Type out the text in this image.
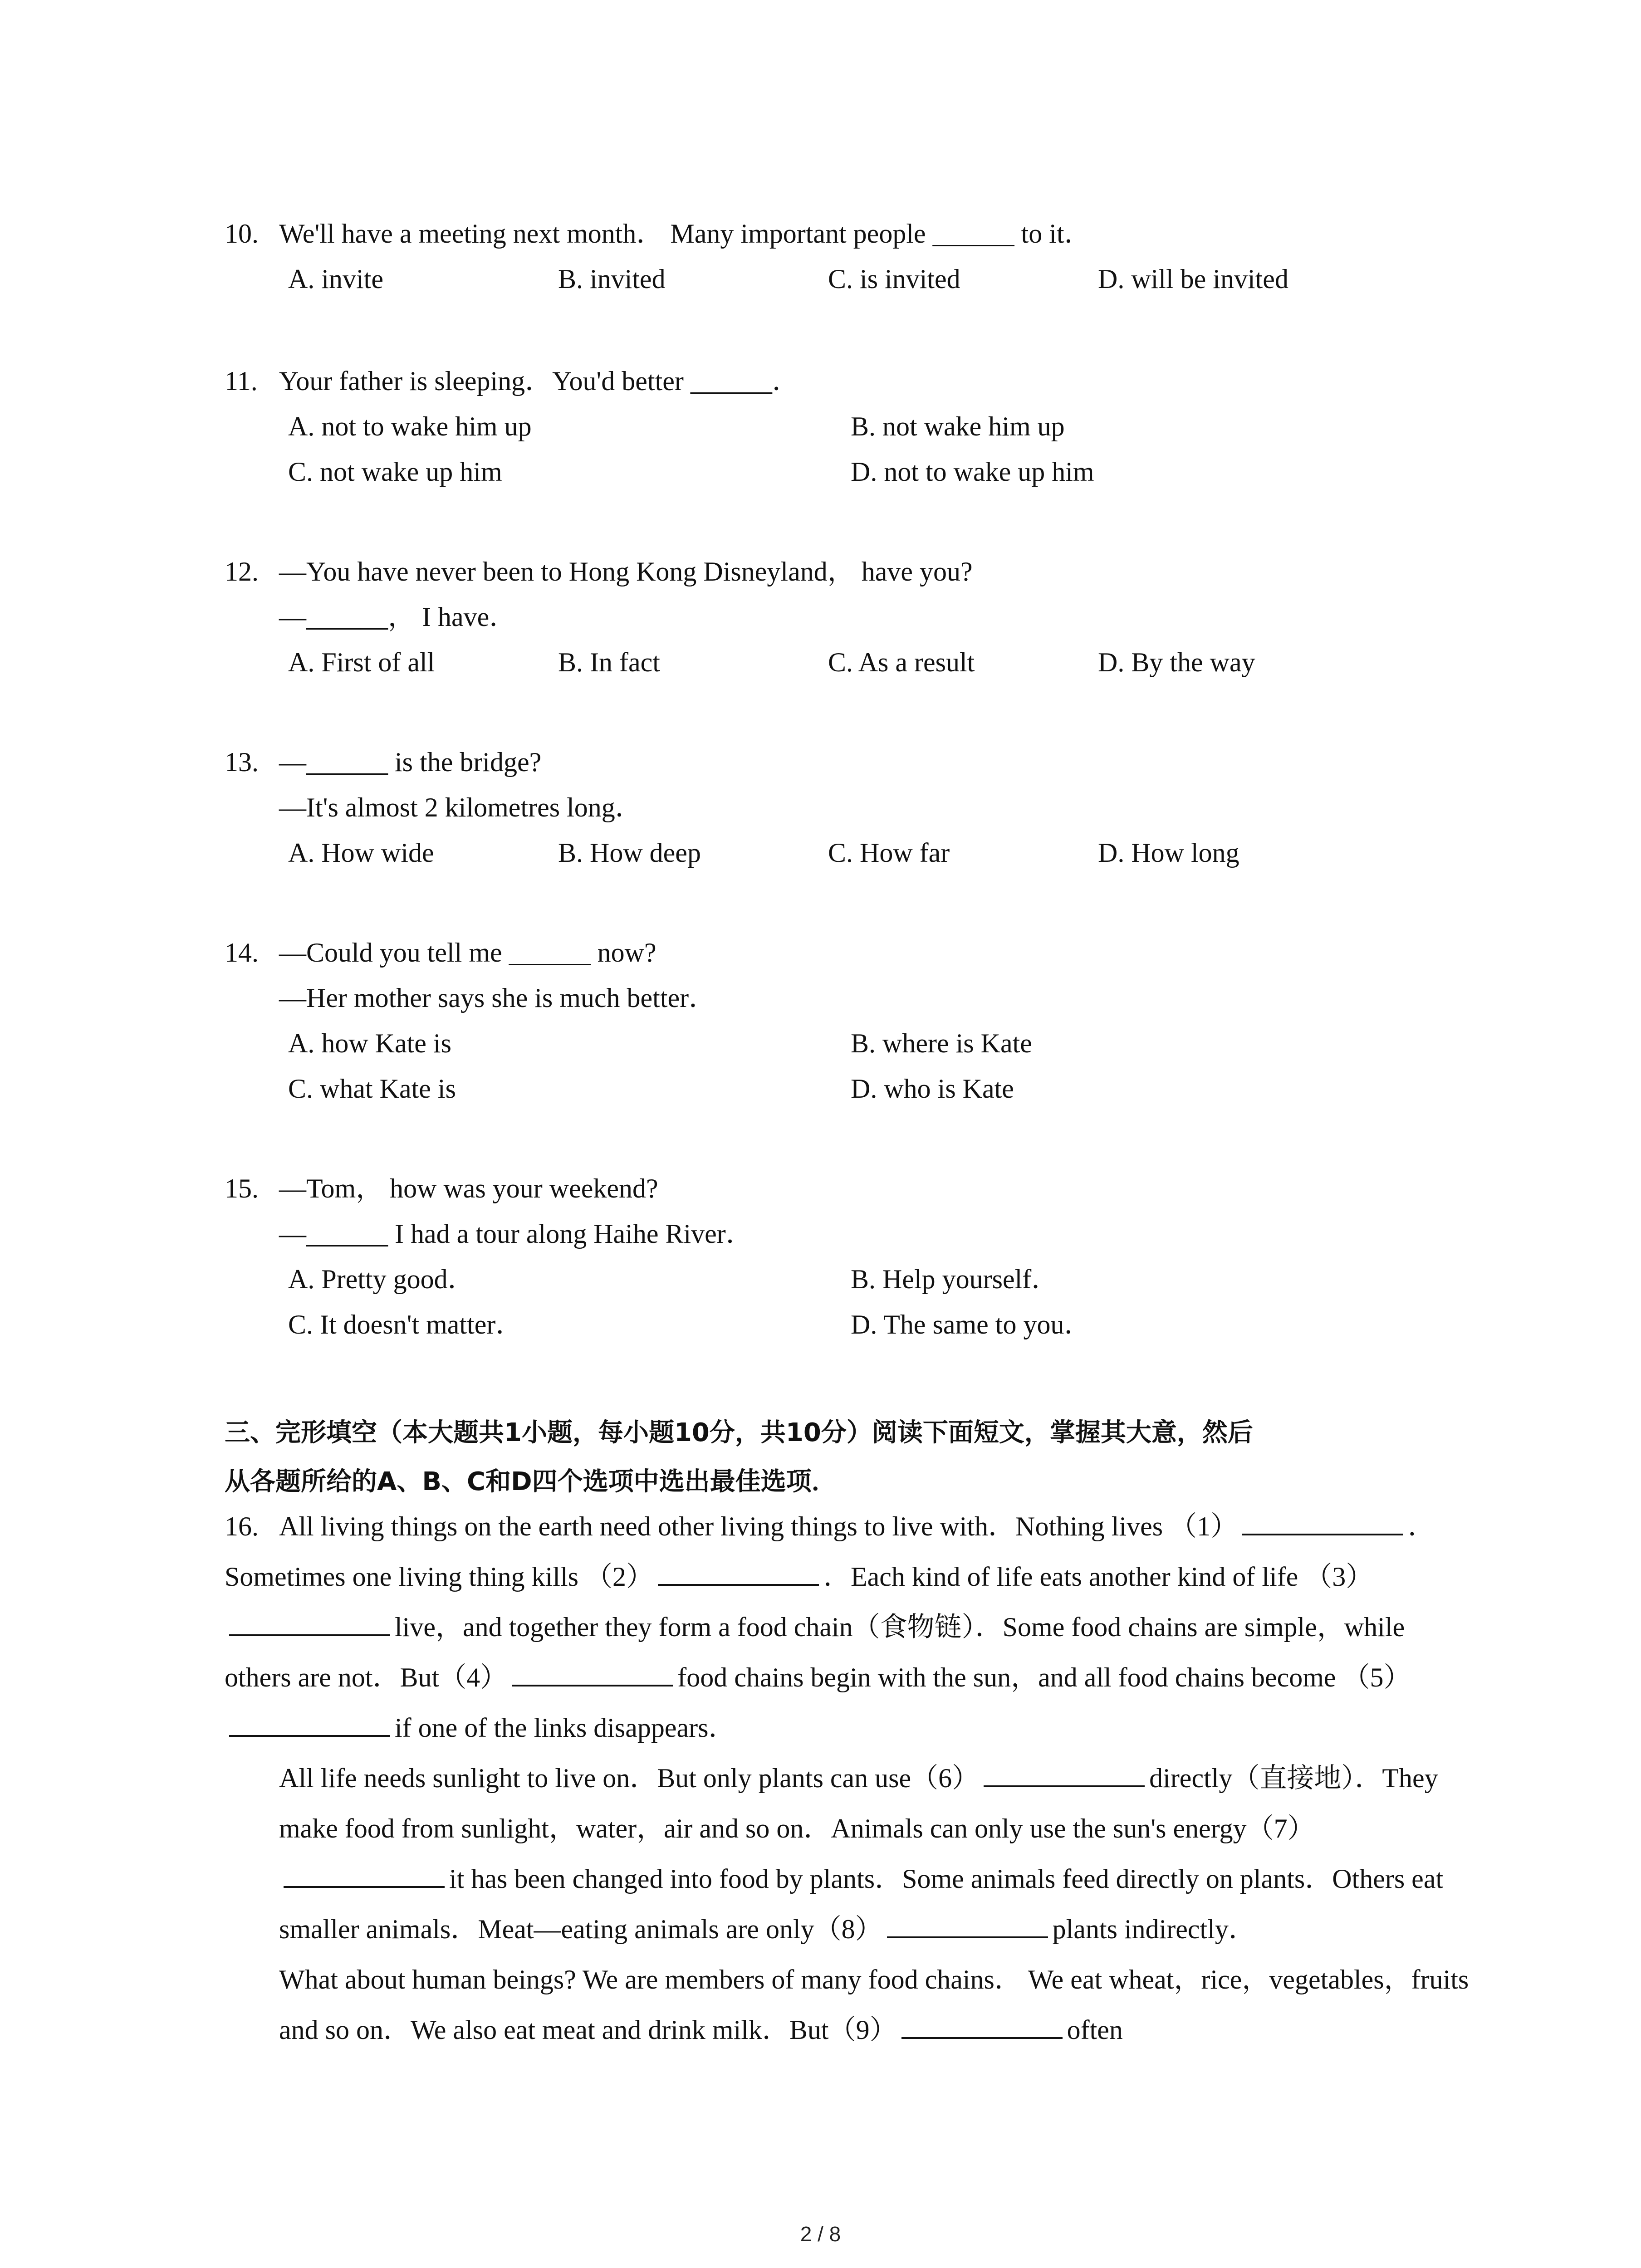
10. We'll have a meeting next month． Many important people ______ to it．
A. invite	B. invited	C. is invited	D. will be invited
11. Your father is sleeping．You'd better ______．
A. not to wake him up	B. not wake him up
C. not wake up him	D. not to wake up him
12. —You have never been to Hong Kong Disneyland， have you?
—______， I have．
A. First of all	B. In fact	C. As a result	D. By the way
13. —______ is the bridge?
—It's almost 2 kilometres long．
A. How wide	B. How deep	C. How far	D. How long
14. —Could you tell me ______ now?
—Her mother says she is much better．
A. how Kate is	B. where is Kate
C. what Kate is	D. who is Kate
15. —Tom， how was your weekend?
—______ I had a tour along Haihe River．
A. Pretty good．	B. Help yourself．
C. It doesn't matter．	D. The same to you．
三、完形填空（本大题共1小题，每小题10分，共10分）阅读下面短文，掌握其大意，然后
从各题所给的A、B、C和D四个选项中选出最佳选项．

16. All living things on the earth need other living things to live with．Nothing lives （1）	．Sometimes one living thing kills （2）	．Each kind of life eats another kind of life （3）live，and together they form a food chain（食物链）．Some food chains are simple，while others are not．But（4）	food chains begin with the sun，and all food chains become （5）if one of the links disappears．

All life needs sunlight to live on．But only plants can use（6）	directly（直接地）．They make food from sunlight，water，air and so on．Animals can only use the sun's energy（7）it has been changed into food by plants．Some animals feed directly on plants．Others eat smaller animals．Meat—eating animals are only（8）	plants indirectly．

What about human beings? We are members of many food chains． We eat wheat，rice，vegetables，fruits and so on．We also eat meat and drink milk．But（9）	often

2 / 8
